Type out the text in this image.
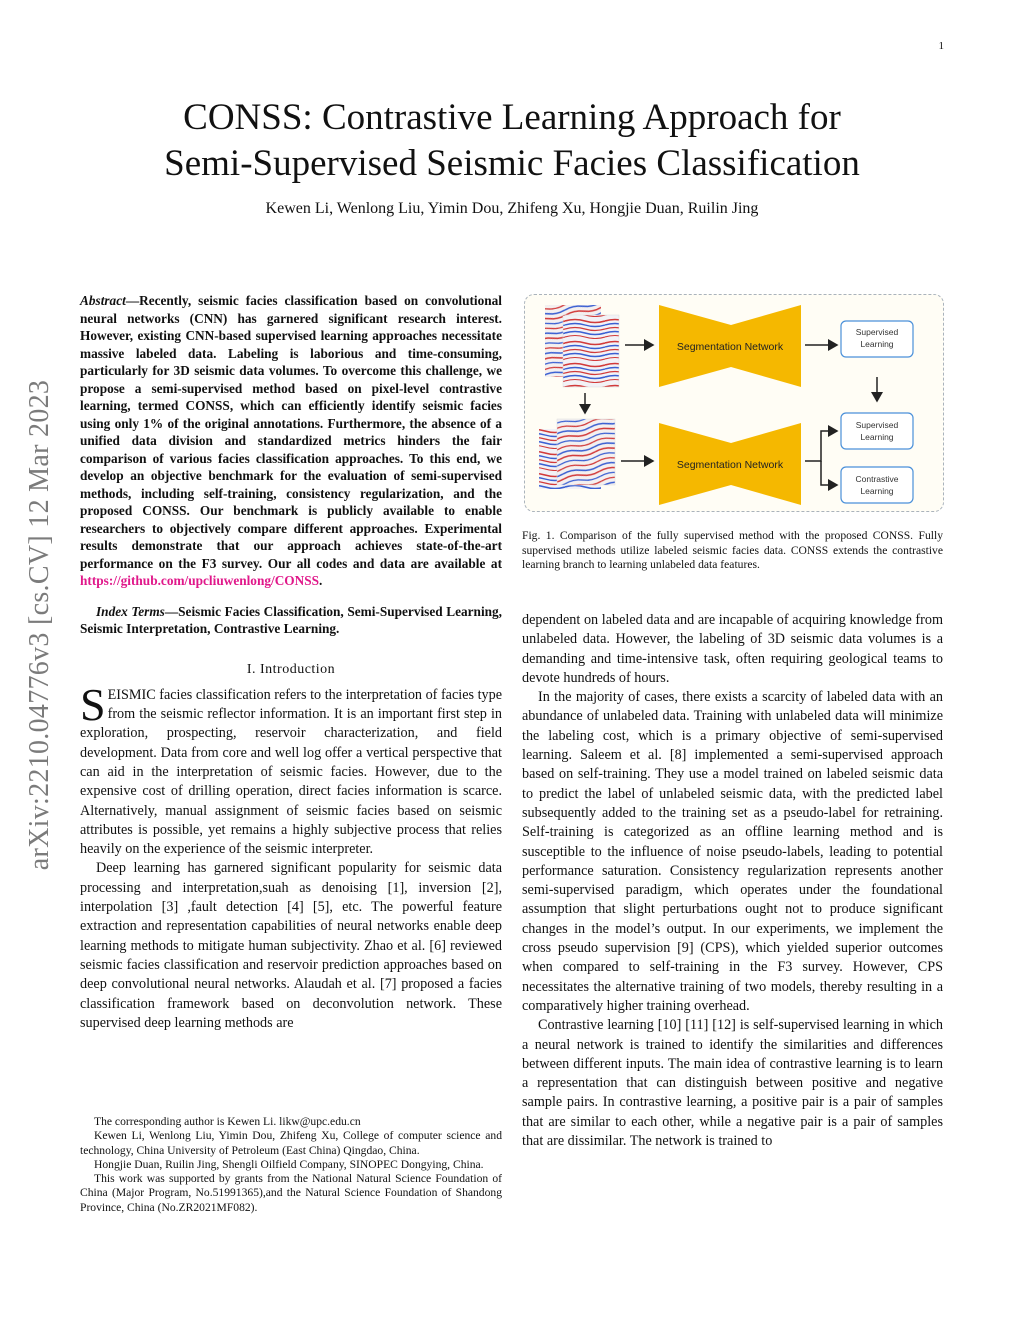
1
arXiv:2210.04776v3 [cs.CV] 12 Mar 2023
CONSS: Contrastive Learning Approach for
Semi-Supervised Seismic Facies Classification
Kewen Li, Wenlong Liu, Yimin Dou, Zhifeng Xu, Hongjie Duan, Ruilin Jing

Abstract—Recently, seismic facies classification based on convolutional neural networks (CNN) has garnered significant research interest. However, existing CNN-based supervised learning approaches necessitate massive labeled data. Labeling is laborious and time-consuming, particularly for 3D seismic data volumes. To overcome this challenge, we propose a semi-supervised method based on pixel-level contrastive learning, termed CONSS, which can efficiently identify seismic facies using only 1% of the original annotations. Furthermore, the absence of a unified data division and standardized metrics hinders the fair comparison of various facies classification approaches. To this end, we develop an objective benchmark for the evaluation of semi-supervised methods, including self-training, consistency regularization, and the proposed CONSS. Our benchmark is publicly available to enable researchers to objectively compare different approaches. Experimental results demonstrate that our approach achieves state-of-the-art performance on the F3 survey. Our all codes and data are available at https://github.com/upcliuwenlong/CONSS.

Index Terms—Seismic Facies Classification, Semi-Supervised Learning, Seismic Interpretation, Contrastive Learning.

I. Introduction

SEISMIC facies classification refers to the interpretation of facies type from the seismic reflector information. It is an important first step in exploration, prospecting, reservoir characterization, and field development. Data from core and well log offer a vertical perspective that can aid in the interpretation of seismic facies. However, due to the expensive cost of drilling operation, direct facies information is scarce. Alternatively, manual assignment of seismic facies based on seismic attributes is possible, yet remains a highly subjective process that relies heavily on the experience of the seismic interpreter.

Deep learning has garnered significant popularity for seismic data processing and interpretation,suah as denoising [1], inversion [2], interpolation [3] ,fault detection [4] [5], etc. The powerful feature extraction and representation capabilities of neural networks enable deep learning methods to mitigate human subjectivity. Zhao et al. [6] reviewed seismic facies classification and reservoir prediction approaches based on deep convolutional neural networks. Alaudah et al. [7] proposed a facies classification framework based on deconvolution network. These supervised deep learning methods are

The corresponding author is Kewen Li. likw@upc.edu.cn

Kewen Li, Wenlong Liu, Yimin Dou, Zhifeng Xu, College of computer science and technology, China University of Petroleum (East China) Qingdao, China.

Hongjie Duan, Ruilin Jing, Shengli Oilfield Company, SINOPEC Dongying, China.

This work was supported by grants from the National Natural Science Foundation of China (Major Program, No.51991365),and the Natural Science Foundation of Shandong Province, China (No.ZR2021MF082).

Segmentation Network
Segmentation Network
Supervised
Learning
Supervised
Learning
Contrastive
Learning
Fig. 1. Comparison of the fully supervised method with the proposed CONSS. Fully supervised methods utilize labeled seismic facies data. CONSS extends the contrastive learning branch to learning unlabeled data features.

dependent on labeled data and are incapable of acquiring knowledge from unlabeled data. However, the labeling of 3D seismic data volumes is a demanding and time-intensive task, often requiring geological teams to devote hundreds of hours.

In the majority of cases, there exists a scarcity of labeled data with an abundance of unlabeled data. Training with unlabeled data will minimize the labeling cost, which is a primary objective of semi-supervised learning. Saleem et al. [8] implemented a semi-supervised approach based on self-training. They use a model trained on labeled seismic data to predict the label of unlabeled seismic data, with the predicted label subsequently added to the training set as a pseudo-label for retraining. Self-training is categorized as an offline learning method and is susceptible to the influence of noise pseudo-labels, leading to potential performance saturation. Consistency regularization represents another semi-supervised paradigm, which operates under the foundational assumption that slight perturbations ought not to produce significant changes in the model’s output. In our experiments, we implement the cross pseudo supervision [9] (CPS), which yielded superior outcomes when compared to self-training in the F3 survey. However, CPS necessitates the alternative training of two models, thereby resulting in a comparatively higher training overhead.

Contrastive learning [10] [11] [12] is self-supervised learning in which a neural network is trained to identify the similarities and differences between different inputs. The main idea of contrastive learning is to learn a representation that can distinguish between positive and negative sample pairs. In contrastive learning, a positive pair is a pair of samples that are similar to each other, while a negative pair is a pair of samples that are dissimilar. The network is trained to
